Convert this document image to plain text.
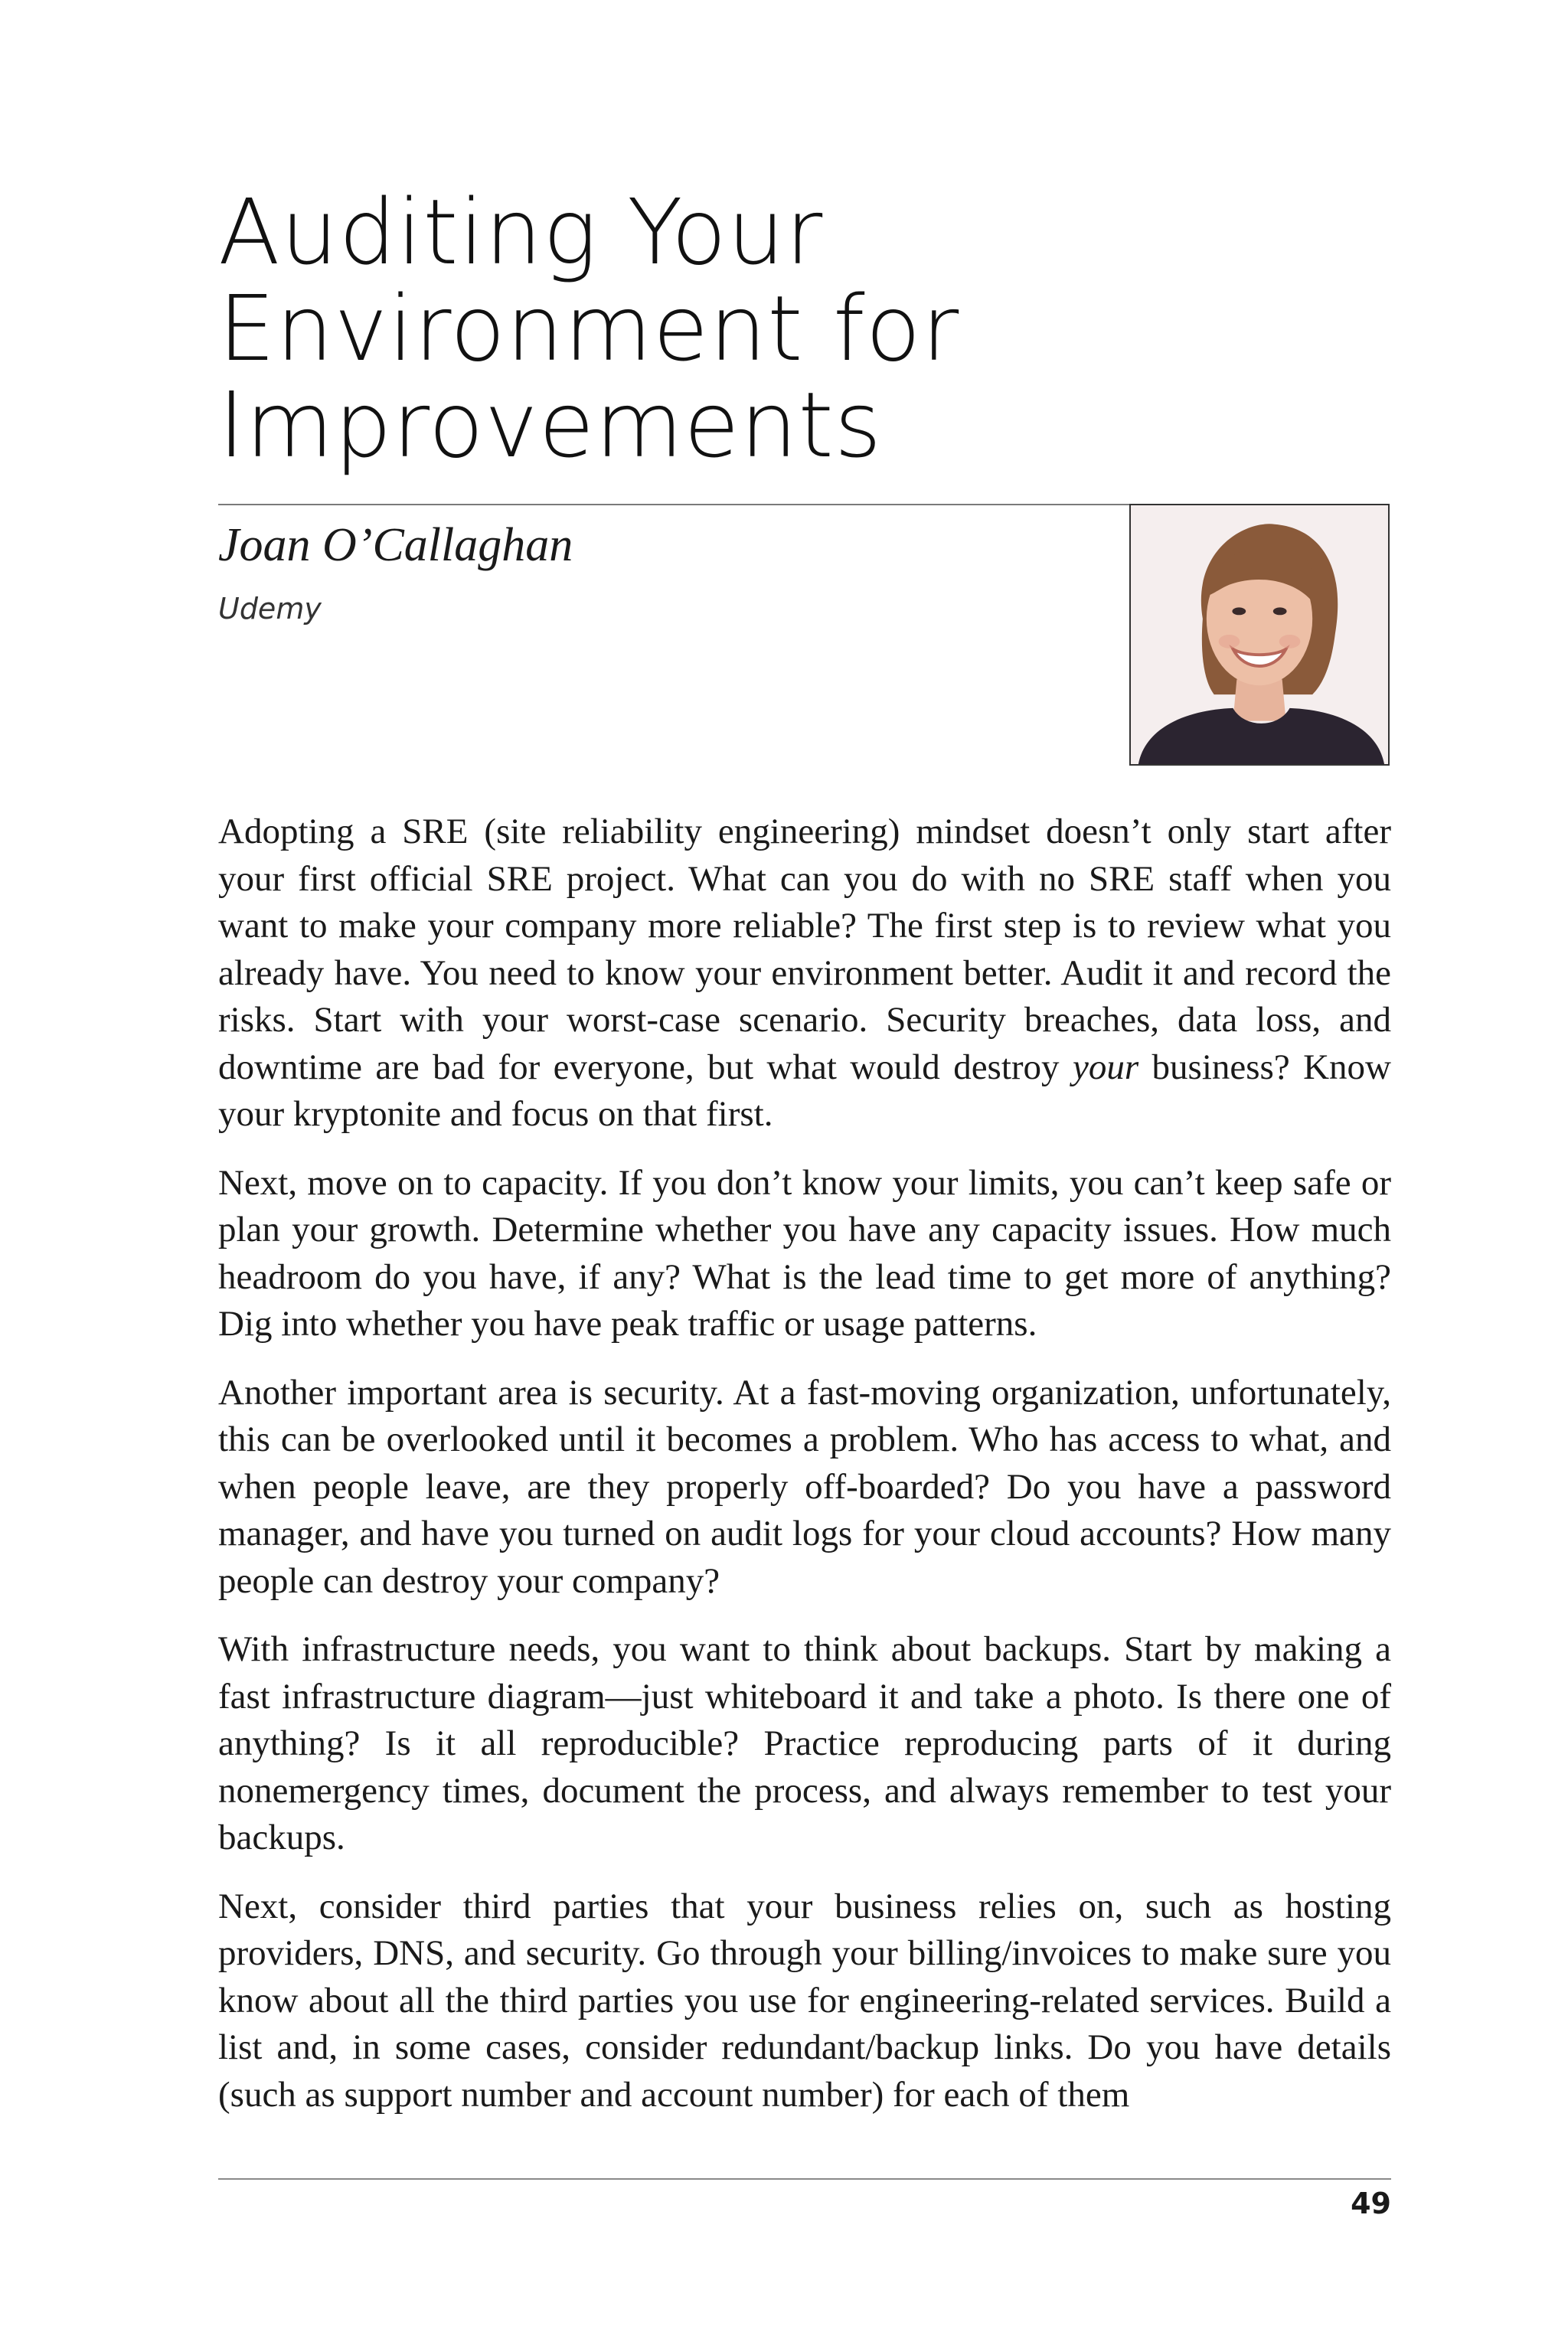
Auditing Your
Environment for
Improvements
Joan O’Callaghan
Udemy

Adopting a SRE (site reliability engineering) mindset doesn’t only start after your first official SRE project. What can you do with no SRE staff when you want to make your company more reliable? The first step is to review what you already have. You need to know your environment better. Audit it and record the risks. Start with your worst-case scenario. Security breaches, data loss, and downtime are bad for everyone, but what would destroy your business? Know your kryptonite and focus on that first.

Next, move on to capacity. If you don’t know your limits, you can’t keep safe or plan your growth. Determine whether you have any capacity issues. How much headroom do you have, if any? What is the lead time to get more of anything? Dig into whether you have peak traffic or usage patterns.

Another important area is security. At a fast-moving organization, unfortunately, this can be overlooked until it becomes a problem. Who has access to what, and when people leave, are they properly off-boarded? Do you have a password manager, and have you turned on audit logs for your cloud accounts? How many people can destroy your company?

With infrastructure needs, you want to think about backups. Start by making a fast infrastructure diagram—just whiteboard it and take a photo. Is there one of anything? Is it all reproducible? Practice reproducing parts of it during nonemergency times, document the process, and always remember to test your backups.

Next, consider third parties that your business relies on, such as hosting providers, DNS, and security. Go through your billing/invoices to make sure you know about all the third parties you use for engineering-related services. Build a list and, in some cases, consider redundant/backup links. Do you have details (such as support number and account number) for each of them

49
